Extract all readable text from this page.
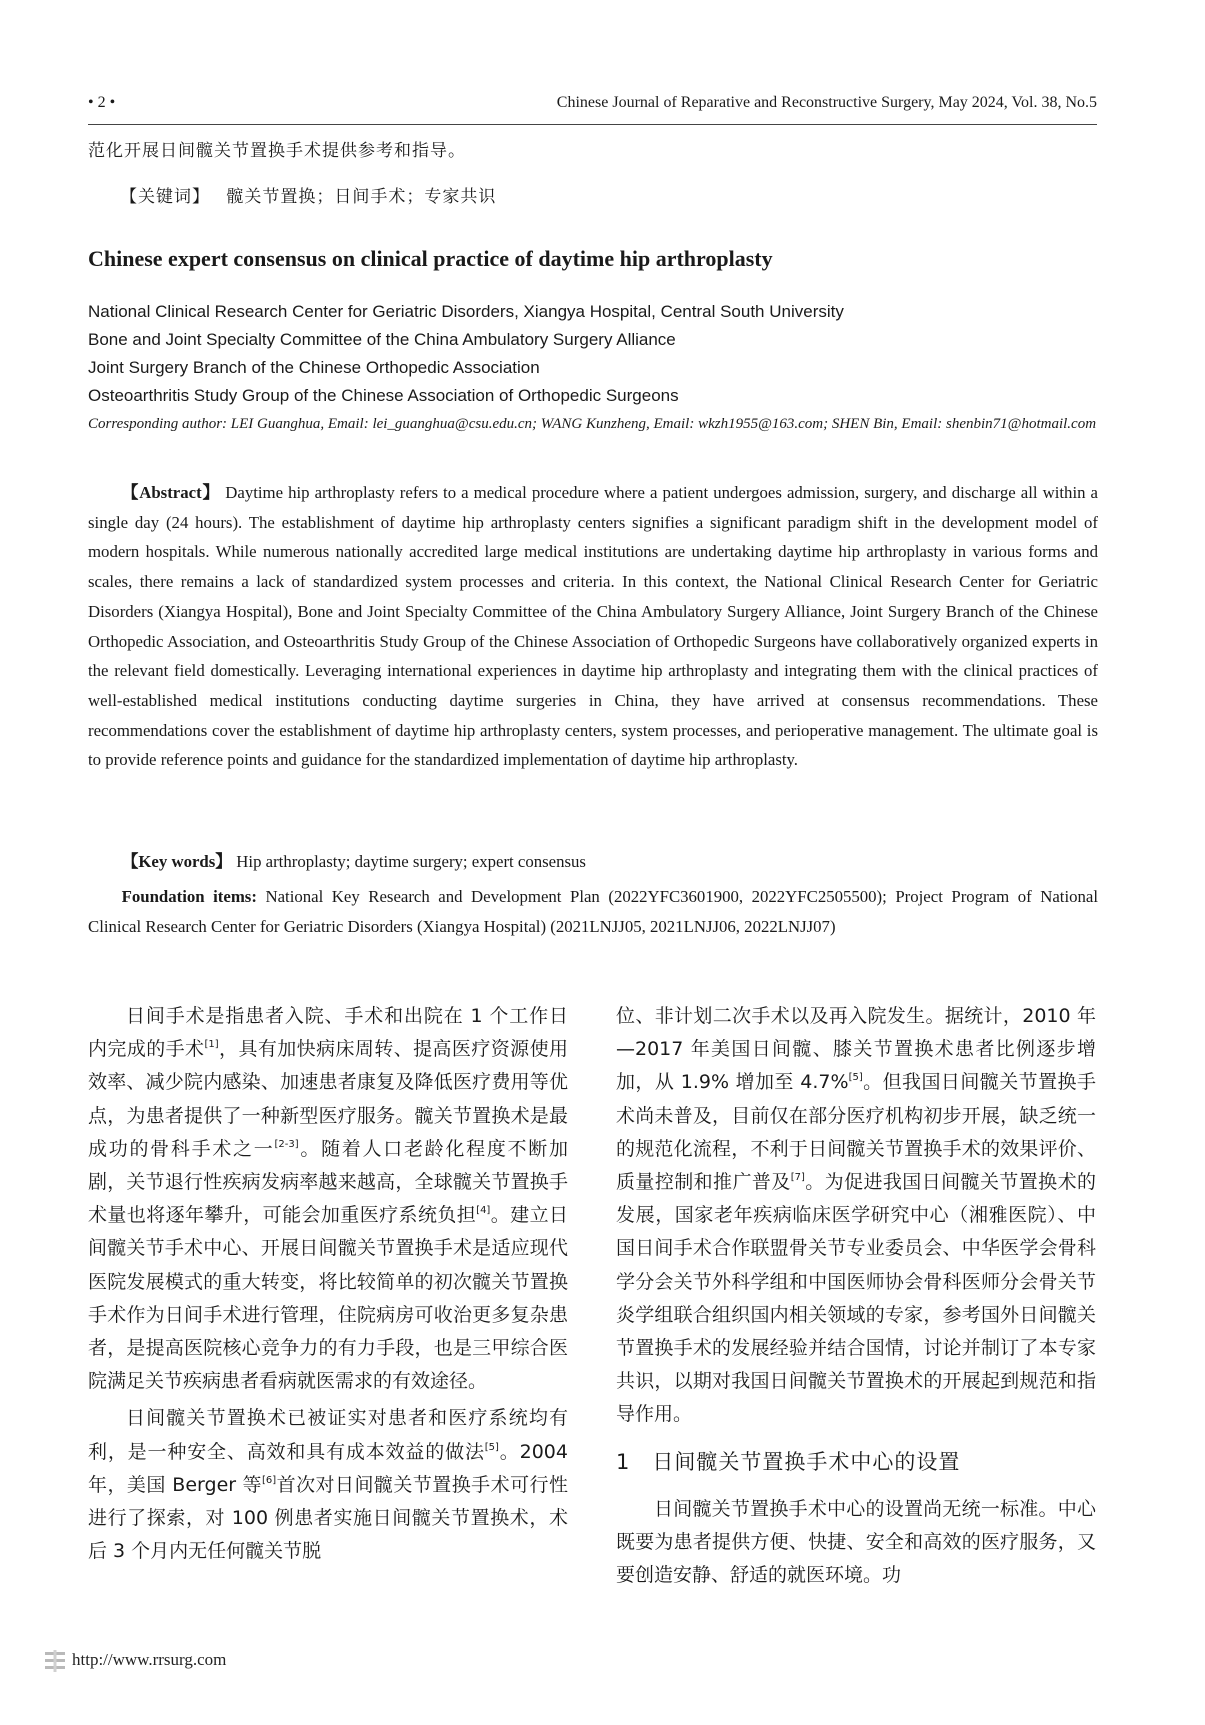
• 2 •	Chinese Journal of Reparative and Reconstructive Surgery, May 2024, Vol. 38, No.5
范化开展日间髋关节置换手术提供参考和指导。
【关键词】 髋关节置换；日间手术；专家共识
Chinese expert consensus on clinical practice of daytime hip arthroplasty
National Clinical Research Center for Geriatric Disorders, Xiangya Hospital, Central South University
Bone and Joint Specialty Committee of the China Ambulatory Surgery Alliance
Joint Surgery Branch of the Chinese Orthopedic Association
Osteoarthritis Study Group of the Chinese Association of Orthopedic Surgeons
Corresponding author: LEI Guanghua, Email: lei_guanghua@csu.edu.cn; WANG Kunzheng, Email: wkzh1955@163.com; SHEN Bin, Email: shenbin71@hotmail.com
【Abstract】 Daytime hip arthroplasty refers to a medical procedure where a patient undergoes admission, surgery, and discharge all within a single day (24 hours). The establishment of daytime hip arthroplasty centers signifies a significant paradigm shift in the development model of modern hospitals. While numerous nationally accredited large medical institutions are undertaking daytime hip arthroplasty in various forms and scales, there remains a lack of standardized system processes and criteria. In this context, the National Clinical Research Center for Geriatric Disorders (Xiangya Hospital), Bone and Joint Specialty Committee of the China Ambulatory Surgery Alliance, Joint Surgery Branch of the Chinese Orthopedic Association, and Osteoarthritis Study Group of the Chinese Association of Orthopedic Surgeons have collaboratively organized experts in the relevant field domestically. Leveraging international experiences in daytime hip arthroplasty and integrating them with the clinical practices of well-established medical institutions conducting daytime surgeries in China, they have arrived at consensus recommendations. These recommendations cover the establishment of daytime hip arthroplasty centers, system processes, and perioperative management. The ultimate goal is to provide reference points and guidance for the standardized implementation of daytime hip arthroplasty.
【Key words】 Hip arthroplasty; daytime surgery; expert consensus
Foundation items: National Key Research and Development Plan (2022YFC3601900, 2022YFC2505500); Project Program of National Clinical Research Center for Geriatric Disorders (Xiangya Hospital) (2021LNJJ05, 2021LNJJ06, 2022LNJJ07)

日间手术是指患者入院、手术和出院在 1 个工作日内完成的手术[1]，具有加快病床周转、提高医疗资源使用效率、减少院内感染、加速患者康复及降低医疗费用等优点，为患者提供了一种新型医疗服务。髋关节置换术是最成功的骨科手术之一[2-3]。随着人口老龄化程度不断加剧，关节退行性疾病发病率越来越高，全球髋关节置换手术量也将逐年攀升，可能会加重医疗系统负担[4]。建立日间髋关节手术中心、开展日间髋关节置换手术是适应现代医院发展模式的重大转变，将比较简单的初次髋关节置换手术作为日间手术进行管理，住院病房可收治更多复杂患者，是提高医院核心竞争力的有力手段，也是三甲综合医院满足关节疾病患者看病就医需求的有效途径。

日间髋关节置换术已被证实对患者和医疗系统均有利，是一种安全、高效和具有成本效益的做法[5]。2004 年，美国 Berger 等[6]首次对日间髋关节置换手术可行性进行了探索，对 100 例患者实施日间髋关节置换术，术后 3 个月内无任何髋关节脱

位、非计划二次手术以及再入院发生。据统计，2010 年—2017 年美国日间髋、膝关节置换术患者比例逐步增加，从 1.9% 增加至 4.7%[5]。但我国日间髋关节置换手术尚未普及，目前仅在部分医疗机构初步开展，缺乏统一的规范化流程，不利于日间髋关节置换手术的效果评价、质量控制和推广普及[7]。为促进我国日间髋关节置换术的发展，国家老年疾病临床医学研究中心（湘雅医院）、中国日间手术合作联盟骨关节专业委员会、中华医学会骨科学分会关节外科学组和中国医师协会骨科医师分会骨关节炎学组联合组织国内相关领域的专家，参考国外日间髋关节置换手术的发展经验并结合国情，讨论并制订了本专家共识，以期对我国日间髋关节置换术的开展起到规范和指导作用。

1　日间髋关节置换手术中心的设置

日间髋关节置换手术中心的设置尚无统一标准。中心既要为患者提供方便、快捷、安全和高效的医疗服务，又要创造安静、舒适的就医环境。功

http://www.rrsurg.com
